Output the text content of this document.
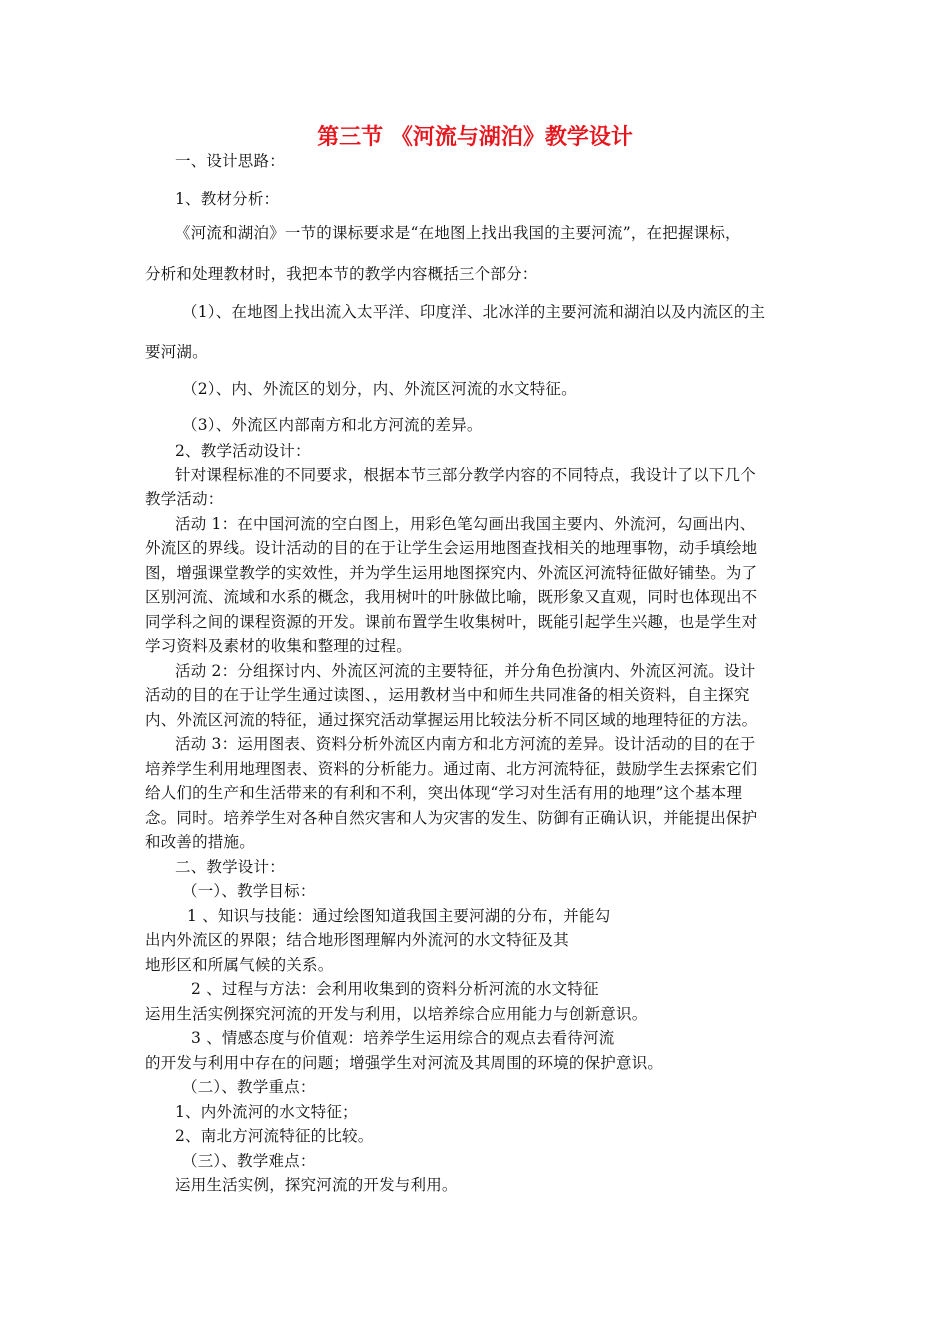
第三节 《河流与湖泊》教学设计
一、设计思路：
1、教材分析：
《河流和湖泊》一节的课标要求是“在地图上找出我国的主要河流”，在把握课标，
分析和处理教材时，我把本节的教学内容概括三个部分：
（1）、在地图上找出流入太平洋、印度洋、北冰洋的主要河流和湖泊以及内流区的主
要河湖。
（2）、内、外流区的划分，内、外流区河流的水文特征。
（3）、外流区内部南方和北方河流的差异。
2、教学活动设计：
针对课程标准的不同要求，根据本节三部分教学内容的不同特点，我设计了以下几个
教学活动：
活动 1：在中国河流的空白图上，用彩色笔勾画出我国主要内、外流河，勾画出内、
外流区的界线。设计活动的目的在于让学生会运用地图查找相关的地理事物，动手填绘地
图，增强课堂教学的实效性，并为学生运用地图探究内、外流区河流特征做好铺垫。为了
区别河流、流域和水系的概念，我用树叶的叶脉做比喻，既形象又直观，同时也体现出不
同学科之间的课程资源的开发。课前布置学生收集树叶，既能引起学生兴趣，也是学生对
学习资料及素材的收集和整理的过程。
活动 2：分组探讨内、外流区河流的主要特征，并分角色扮演内、外流区河流。设计
活动的目的在于让学生通过读图、，运用教材当中和师生共同准备的相关资料，自主探究
内、外流区河流的特征，通过探究活动掌握运用比较法分析不同区域的地理特征的方法。
活动 3：运用图表、资料分析外流区内南方和北方河流的差异。设计活动的目的在于
培养学生利用地理图表、资料的分析能力。通过南、北方河流特征，鼓励学生去探索它们
给人们的生产和生活带来的有利和不利，突出体现“学习对生活有用的地理”这个基本理
念。同时。培养学生对各种自然灾害和人为灾害的发生、防御有正确认识，并能提出保护
和改善的措施。
二、教学设计：
（一）、教学目标：
1 、知识与技能：通过绘图知道我国主要河湖的分布，并能勾
出内外流区的界限；结合地形图理解内外流河的水文特征及其
地形区和所属气候的关系。
2 、过程与方法：会利用收集到的资料分析河流的水文特征
运用生活实例探究河流的开发与利用，以培养综合应用能力与创新意识。
3 、情感态度与价值观：培养学生运用综合的观点去看待河流
的开发与利用中存在的问题；增强学生对河流及其周围的环境的保护意识。
（二）、教学重点：
1、内外流河的水文特征；
2、南北方河流特征的比较。
（三）、教学难点：
运用生活实例，探究河流的开发与利用。
